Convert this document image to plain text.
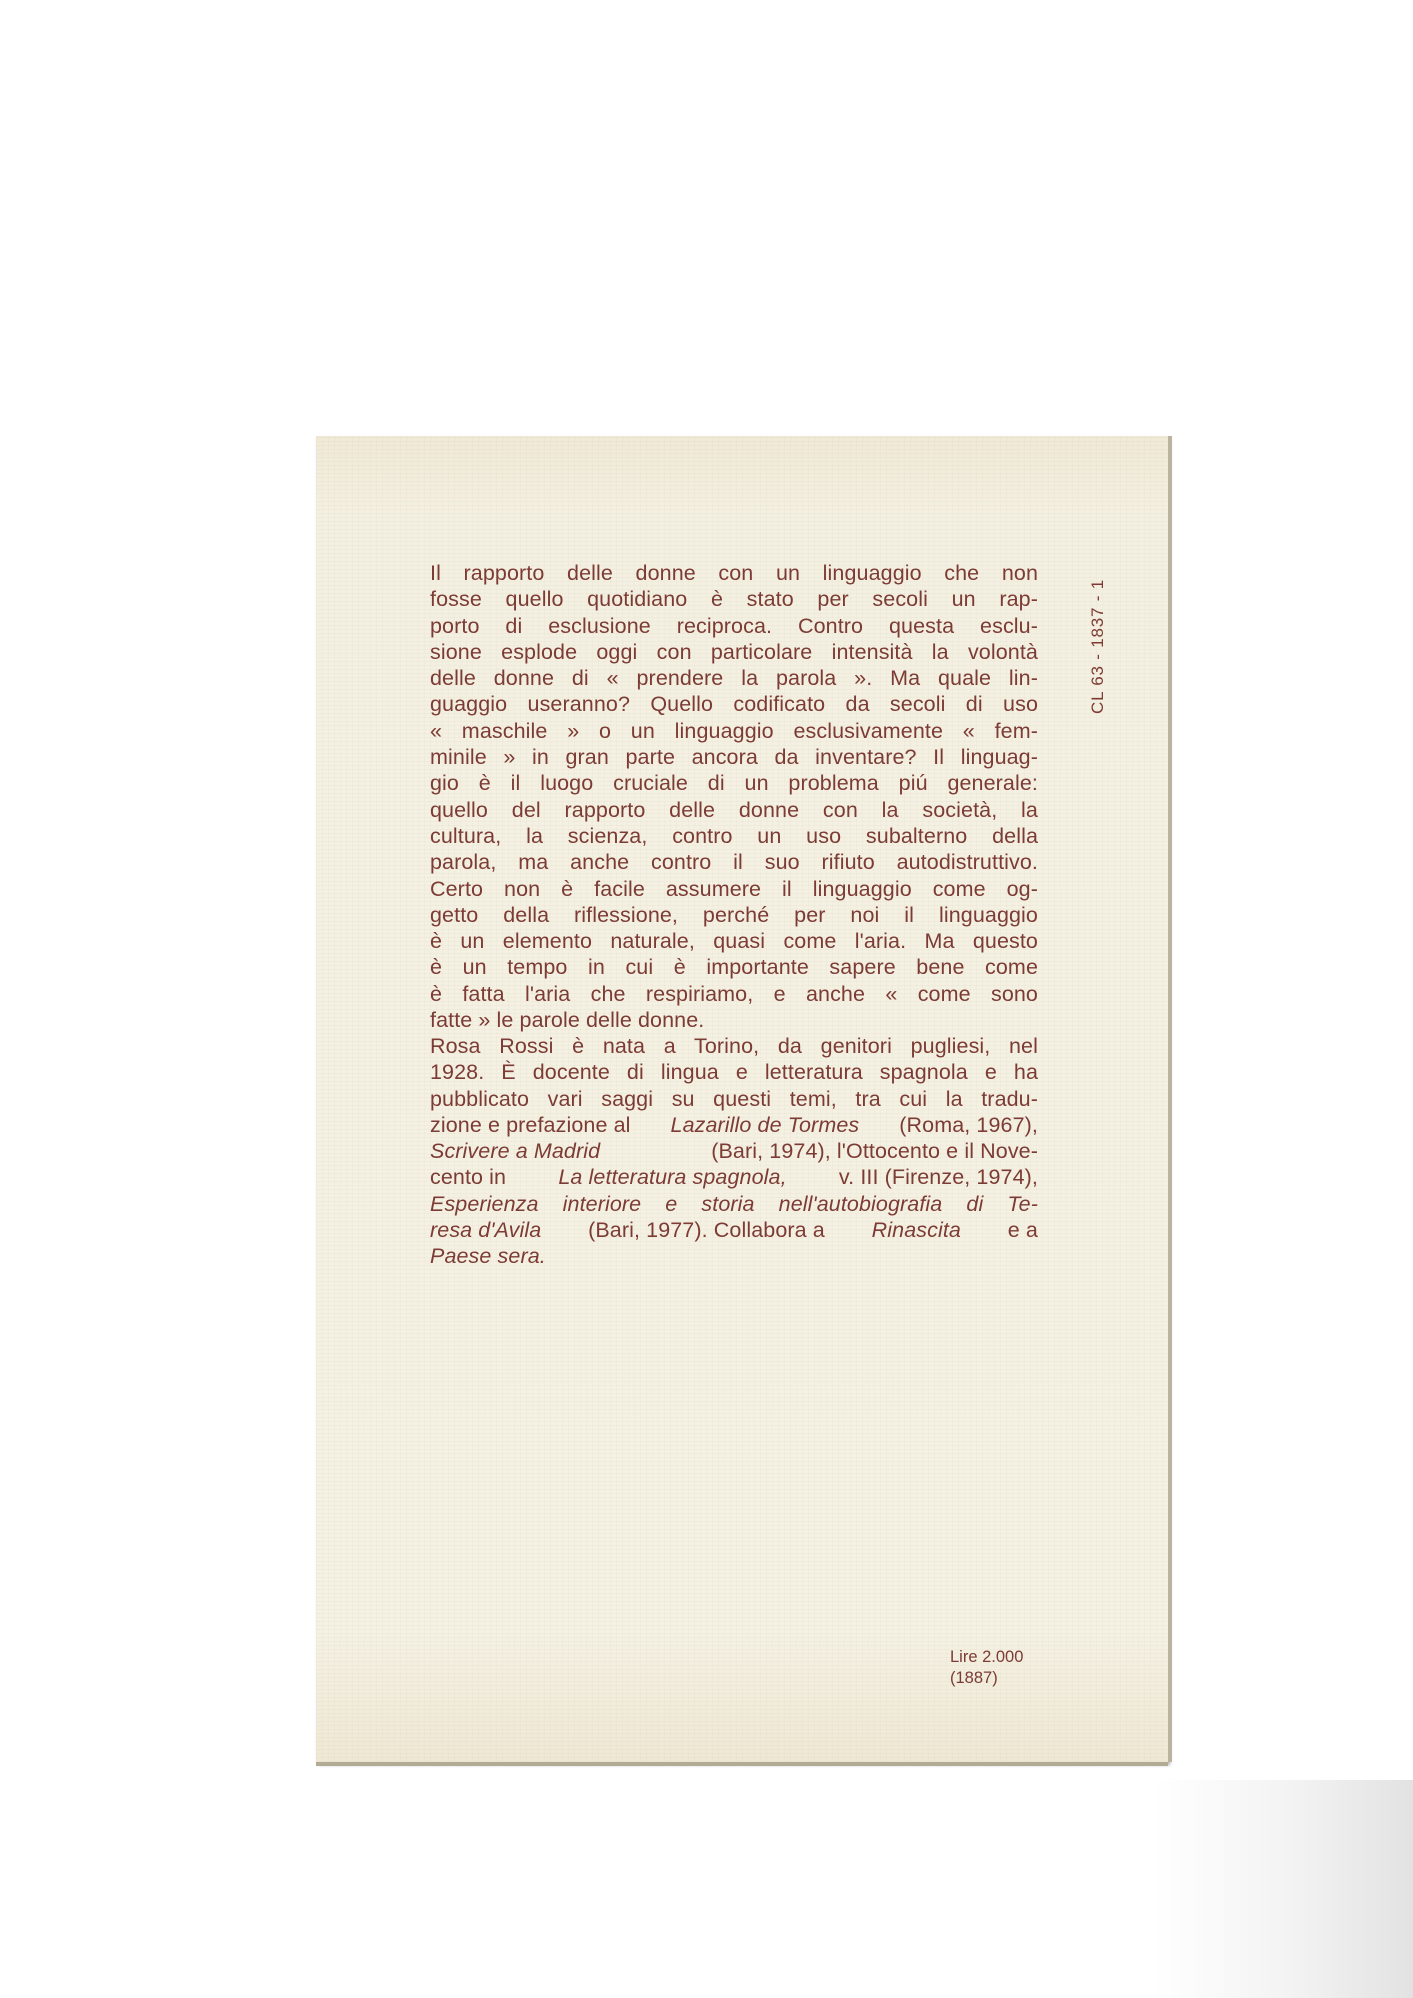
Il rapporto delle donne con un linguaggio che non
fosse quello quotidiano è stato per secoli un rap-
porto di esclusione reciproca. Contro questa esclu-
sione esplode oggi con particolare intensità la volontà
delle donne di « prendere la parola ». Ma quale lin-
guaggio useranno? Quello codificato da secoli di uso
« maschile » o un linguaggio esclusivamente « fem-
minile » in gran parte ancora da inventare? Il linguag-
gio è il luogo cruciale di un problema piú generale:
quello del rapporto delle donne con la società, la
cultura, la scienza, contro un uso subalterno della
parola, ma anche contro il suo rifiuto autodistruttivo.
Certo non è facile assumere il linguaggio come og-
getto della riflessione, perché per noi il linguaggio
è un elemento naturale, quasi come l'aria. Ma questo
è un tempo in cui è importante sapere bene come
è fatta l'aria che respiriamo, e anche « come sono
fatte » le parole delle donne.
Rosa Rossi è nata a Torino, da genitori pugliesi, nel
1928. È docente di lingua e letteratura spagnola e ha
pubblicato vari saggi su questi temi, tra cui la tradu-
zione e prefazione al Lazarillo de Tormes (Roma, 1967),
Scrivere a Madrid	(Bari, 1974), l'Ottocento e il Nove-
cento in La letteratura spagnola, v. III (Firenze, 1974),
Esperienza interiore e storia nell'autobiografia di Te-
resa d'Avila (Bari, 1977). Collabora a Rinascita e a
Paese sera.
CL 63 - 1837 - 1
Lire 2.000
(1887)
